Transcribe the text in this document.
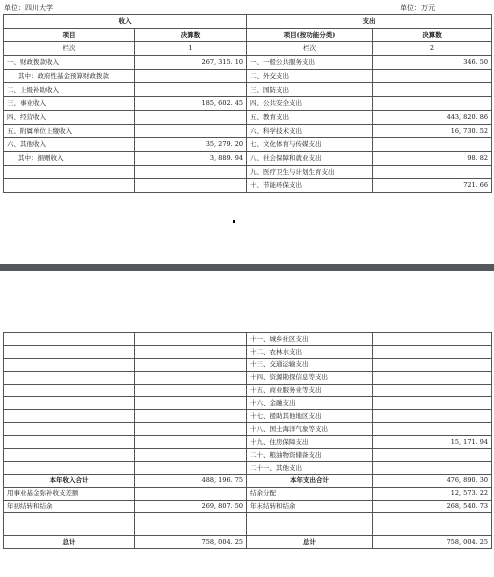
单位：四川大学	单位：万元
收入		支出	
项目	决算数	项目(按功能分类)	决算数
栏次	1	栏次	2
一、财政拨款收入	267, 315. 10	一、一般公共服务支出	346. 50
其中：政府性基金预算财政拨款		二、外交支出	
二、上级补助收入		三、国防支出	
三、事业收入	185, 602. 45	四、公共安全支出	
四、经营收入		五、教育支出	443, 820. 86
五、附属单位上缴收入		六、科学技术支出	16, 730. 52
六、其他收入	35, 279. 20	七、文化体育与传媒支出	
其中：捐赠收入	3, 889. 94	八、社会保障和就业支出	98. 82
		九、医疗卫生与计划生育支出	
		十、节能环保支出	721. 66
		十一、城乡社区支出	
		十二、农林水支出	
		十三、交通运输支出	
		十四、资源勘探信息等支出	
		十五、商业服务业等支出	
		十六、金融支出	
		十七、援助其他地区支出	
		十八、国土海洋气象等支出	
		十九、住房保障支出	15, 171. 94
		二十、粮油物资储备支出	
		二十一、其他支出	
本年收入合计	488, 196. 75	本年支出合计	476, 890. 30
用事业基金弥补收支差额		结余分配	12, 573. 22
年初结转和结余	269, 807. 50	年末结转和结余	268, 540. 73

总计	758, 004. 25	总计	758, 004. 25
